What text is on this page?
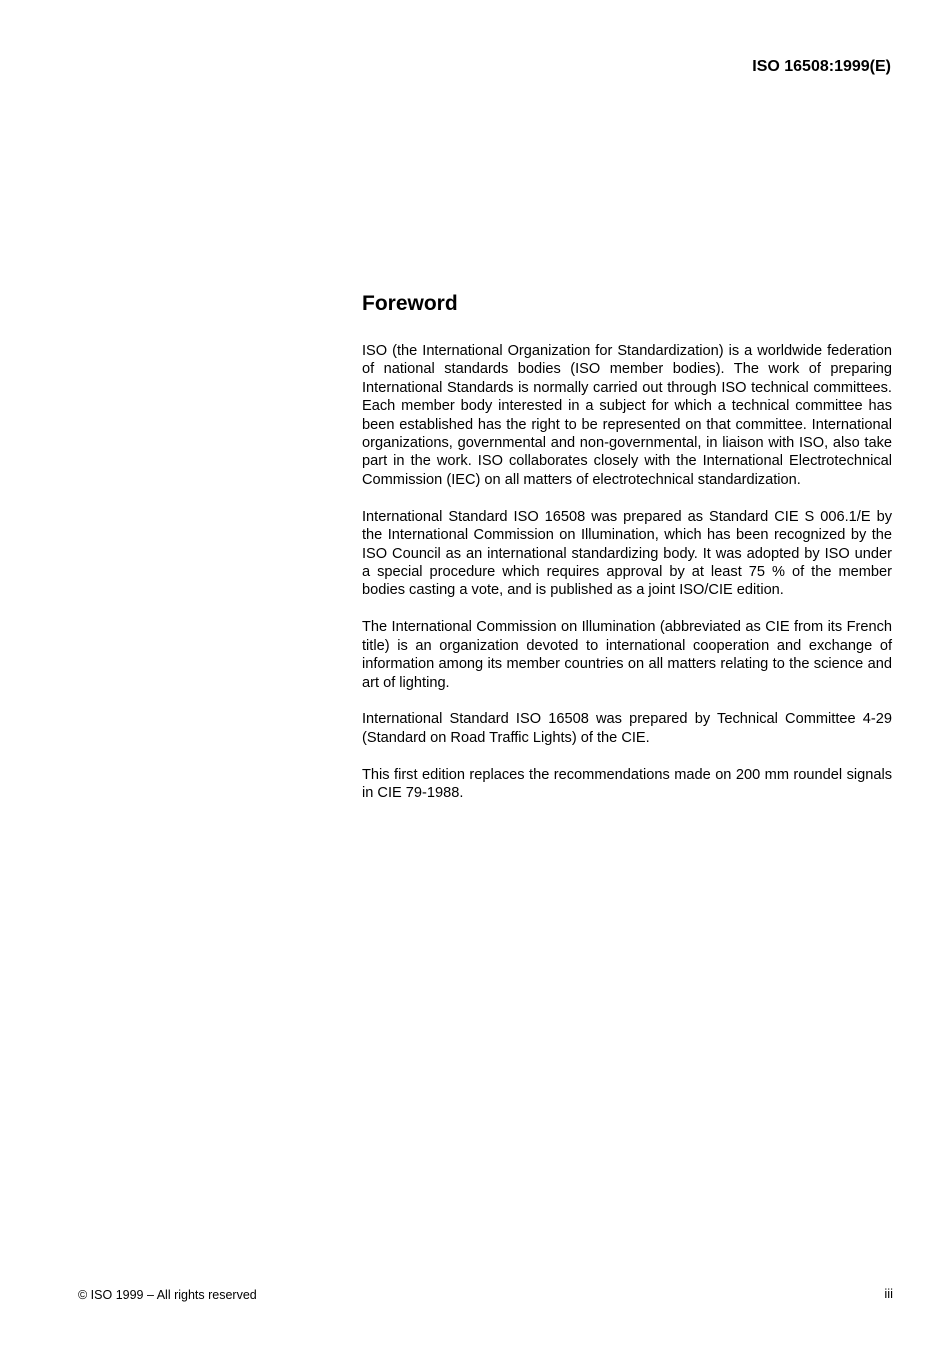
ISO 16508:1999(E)
Foreword

ISO (the International Organization for Standardization) is a worldwide federation of national standards bodies (ISO member bodies). The work of preparing International Standards is normally carried out through ISO technical committees. Each member body interested in a subject for which a technical committee has been established has the right to be represented on that committee. International organizations, governmental and non-governmental, in liaison with ISO, also take part in the work. ISO collaborates closely with the International Electrotechnical Commission (IEC) on all matters of electrotechnical standardization.

International Standard ISO 16508 was prepared as Standard CIE S 006.1/E by the International Commission on Illumination, which has been recognized by the ISO Council as an international standardizing body. It was adopted by ISO under a special procedure which requires approval by at least 75 % of the member bodies casting a vote, and is published as a joint ISO/CIE edition.

The International Commission on Illumination (abbreviated as CIE from its French title) is an organization devoted to international cooperation and exchange of information among its member countries on all matters relating to the science and art of lighting.

International Standard ISO 16508 was prepared by Technical Committee 4-29 (Standard on Road Traffic Lights) of the CIE.

This first edition replaces the recommendations made on 200 mm roundel signals in CIE 79-1988.

© ISO 1999 – All rights reserved	iii
